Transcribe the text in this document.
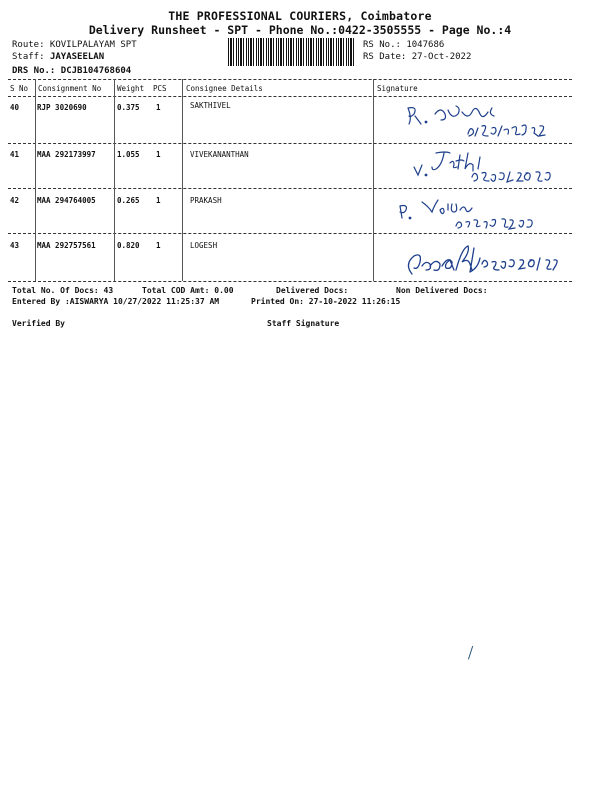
THE PROFESSIONAL COURIERS, Coimbatore
Delivery Runsheet - SPT - Phone No.:0422-3505555 - Page No.:4
Route: KOVILPALAYAM SPT
Staff: JAYASEELAN
DRS No.: DCJB104768604
RS No.: 1047686
RS Date: 27-Oct-2022
S No Consignment No Weight PCS	Consignee Details	Signature
40 RJP 3020690	0.375 1	SAKTHIVEL
41 MAA 292173997	1.055 1	VIVEKANANTHAN
42 MAA 294764005	0.265 1	PRAKASH
43 MAA 292757561	0.820 1	LOGESH
Total No. Of Docs: 43	Total COD Amt: 0.00	Delivered Docs:	Non Delivered Docs:
Entered By :AISWARYA 10/27/2022 11:25:37 AM	Printed On: 27-10-2022 11:26:15
Verified By	Staff Signature
